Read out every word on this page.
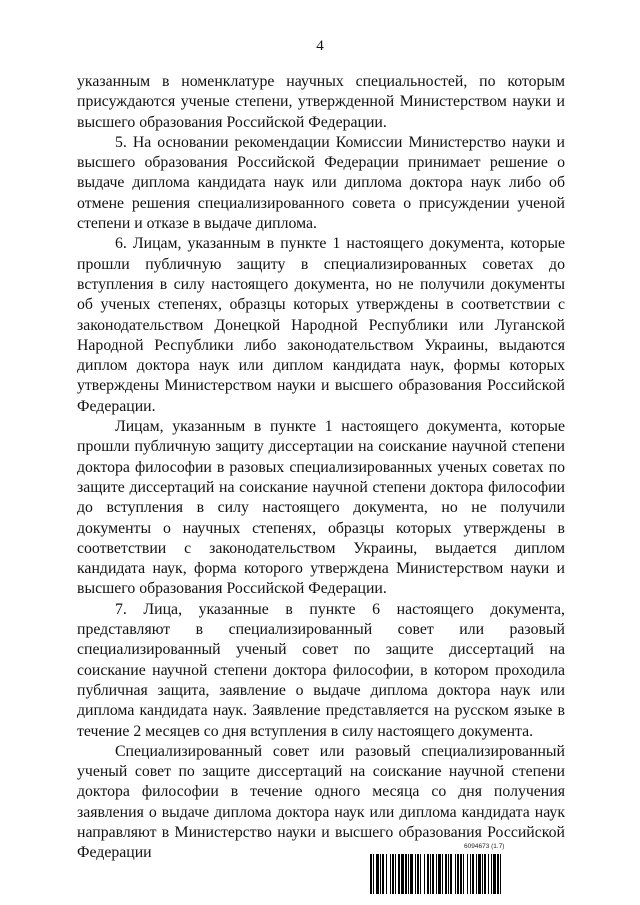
4

указанным в номенклатуре научных специальностей, по которым присуждаются ученые степени, утвержденной Министерством науки и высшего образования Российской Федерации.

5. На основании рекомендации Комиссии Министерство науки и высшего образования Российской Федерации принимает решение о выдаче диплома кандидата наук или диплома доктора наук либо об отмене решения специализированного совета о присуждении ученой степени и отказе в выдаче диплома.

6. Лицам, указанным в пункте 1 настоящего документа, которые прошли публичную защиту в специализированных советах до вступления в силу настоящего документа, но не получили документы об ученых степенях, образцы которых утверждены в соответствии с законодательством Донецкой Народной Республики или Луганской Народной Республики либо законодательством Украины, выдаются диплом доктора наук или диплом кандидата наук, формы которых утверждены Министерством науки и высшего образования Российской Федерации.

Лицам, указанным в пункте 1 настоящего документа, которые прошли публичную защиту диссертации на соискание научной степени доктора философии в разовых специализированных ученых советах по защите диссертаций на соискание научной степени доктора философии до вступления в силу настоящего документа, но не получили документы о научных степенях, образцы которых утверждены в соответствии с законодательством Украины, выдается диплом кандидата наук, форма которого утверждена Министерством науки и высшего образования Российской Федерации.

7. Лица, указанные в пункте 6 настоящего документа, представляют в специализированный совет или разовый специализированный ученый совет по защите диссертаций на соискание научной степени доктора философии, в котором проходила публичная защита, заявление о выдаче диплома доктора наук или диплома кандидата наук. Заявление представляется на русском языке в течение 2 месяцев со дня вступления в силу настоящего документа.

Специализированный совет или разовый специализированный ученый совет по защите диссертаций на соискание научной степени доктора философии в течение одного месяца со дня получения заявления о выдаче диплома доктора наук или диплома кандидата наук направляют в Министерство науки и высшего образования Российской Федерации	6094673 (1.7)
